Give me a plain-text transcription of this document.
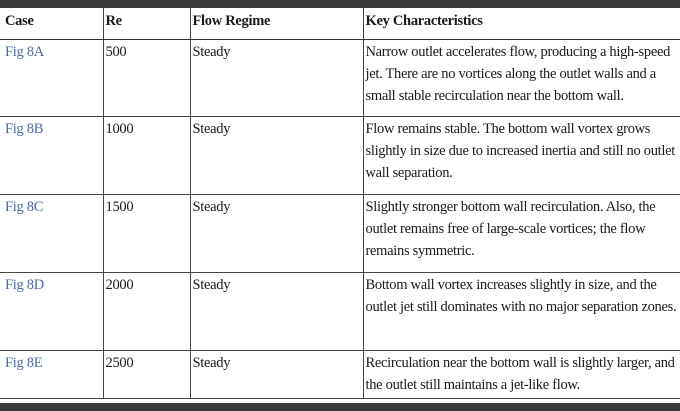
Case	Re	Flow Regime	Key Characteristics
Fig 8A	500	Steady	Narrow outlet accelerates flow, producing a high-speed jet. There are no vortices along the outlet walls and a small stable recirculation near the bottom wall.
Fig 8B	1000	Steady	Flow remains stable. The bottom wall vortex grows slightly in size due to increased inertia and still no outlet wall separation.
Fig 8C	1500	Steady	Slightly stronger bottom wall recirculation. Also, the outlet remains free of large-scale vortices; the flow remains symmetric.
Fig 8D	2000	Steady	Bottom wall vortex increases slightly in size, and the outlet jet still dominates with no major separation zones.
Fig 8E	2500	Steady	Recirculation near the bottom wall is slightly larger, and the outlet still maintains a jet-like flow.
